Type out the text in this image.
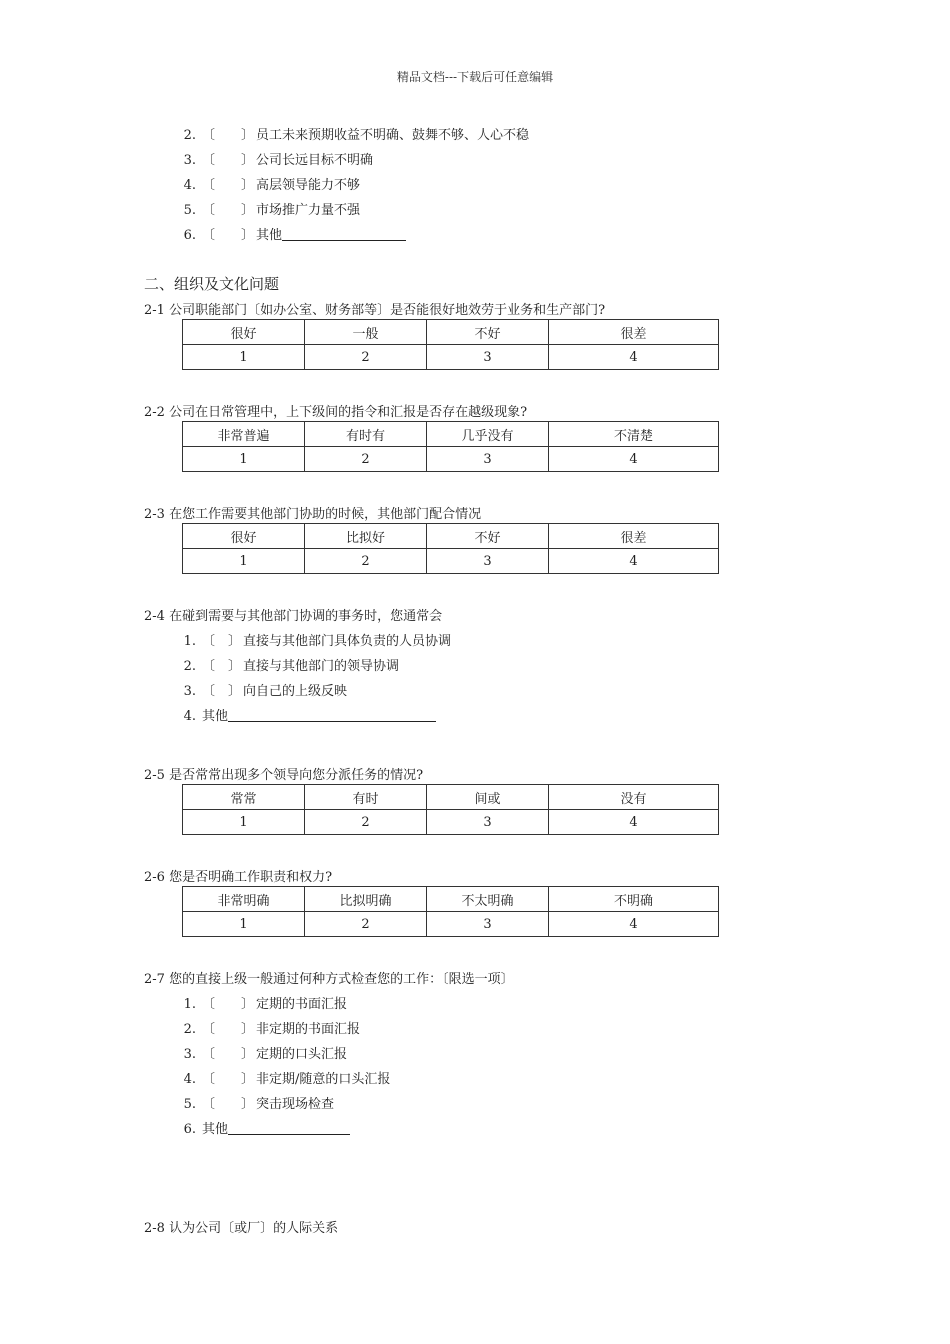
精品文档---下载后可任意编辑
2. 〔　　〕 员工未来预期收益不明确、鼓舞不够、人心不稳
3. 〔　　〕 公司长远目标不明确
4. 〔　　〕 高层领导能力不够
5. 〔　　〕 市场推广力量不强
6. 〔　　〕 其他
二、组织及文化问题
2-1 公司职能部门〔如办公室、财务部等〕是否能很好地效劳于业务和生产部门?
很好	一般	不好	很差
1	2	3	4
2-2 公司在日常管理中，上下级间的指令和汇报是否存在越级现象?
非常普遍	有时有	几乎没有	不清楚
1	2	3	4
2-3 在您工作需要其他部门协助的时候，其他部门配合情况
很好	比拟好	不好	很差
1	2	3	4
2-4 在碰到需要与其他部门协调的事务时，您通常会
1. 〔　〕 直接与其他部门具体负责的人员协调
2. 〔　〕 直接与其他部门的领导协调
3. 〔　〕 向自己的上级反映
4. 其他
2-5 是否常常出现多个领导向您分派任务的情况?
常常	有时	间或	没有
1	2	3	4
2-6 您是否明确工作职责和权力?
非常明确	比拟明确	不太明确	不明确
1	2	3	4
2-7 您的直接上级一般通过何种方式检查您的工作：〔限选一项〕
1. 〔　　〕 定期的书面汇报
2. 〔　　〕 非定期的书面汇报
3. 〔　　〕 定期的口头汇报
4. 〔　　〕 非定期/随意的口头汇报
5. 〔　　〕 突击现场检查
6. 其他
2-8 认为公司〔或厂〕的人际关系
